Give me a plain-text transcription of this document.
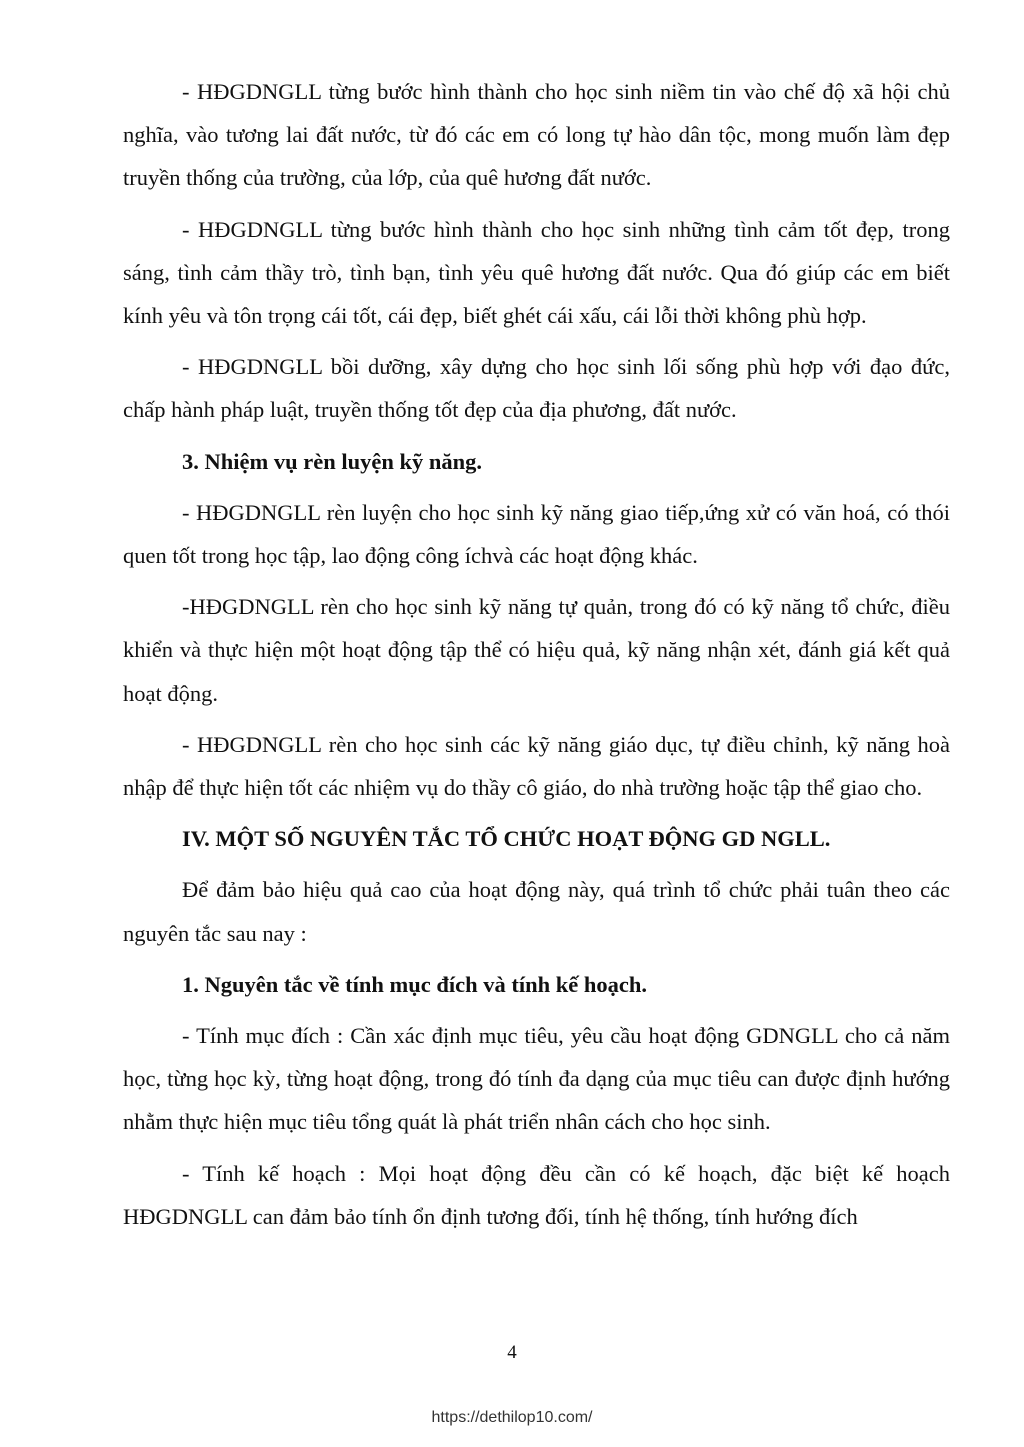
- HĐGDNGLL từng bước hình thành cho học sinh niềm tin vào chế độ xã hội chủ nghĩa, vào tương lai đất nước, từ đó các em có long tự hào dân tộc, mong muốn làm đẹp truyền thống của trường, của lớp, của quê hương đất nước.

- HĐGDNGLL từng bước hình thành cho học sinh những tình cảm tốt đẹp, trong sáng, tình cảm thầy trò, tình bạn, tình yêu quê hương đất nước. Qua đó giúp các em biết kính yêu và tôn trọng cái tốt, cái đẹp, biết ghét cái xấu, cái lỗi thời không phù hợp.

- HĐGDNGLL bồi dưỡng, xây dựng cho học sinh lối sống phù hợp với đạo đức, chấp hành pháp luật, truyền thống tốt đẹp của địa phương, đất nước.

3. Nhiệm vụ rèn luyện kỹ năng.

- HĐGDNGLL rèn luyện cho học sinh kỹ năng giao tiếp,ứng xử có văn hoá, có thói quen tốt trong học tập, lao động công íchvà các hoạt động khác.

-HĐGDNGLL rèn cho học sinh kỹ năng tự quản, trong đó có kỹ năng tổ chức, điều khiển và thực hiện một hoạt động tập thể có hiệu quả, kỹ năng nhận xét, đánh giá kết quả hoạt động.

- HĐGDNGLL rèn cho học sinh các kỹ năng giáo dục, tự điều chỉnh, kỹ năng hoà nhập để thực hiện tốt các nhiệm vụ do thầy cô giáo, do nhà trường hoặc tập thể giao cho.

IV. MỘT SỐ NGUYÊN TẮC TỔ CHỨC HOẠT ĐỘNG GD NGLL.

Để đảm bảo hiệu quả cao của hoạt động này, quá trình tổ chức phải tuân theo các nguyên tắc sau nay :

1. Nguyên tắc về tính mục đích và tính kế hoạch.

- Tính mục đích : Cần xác định mục tiêu, yêu cầu hoạt động GDNGLL cho cả năm học, từng học kỳ, từng hoạt động, trong đó tính đa dạng của mục tiêu can được định hướng nhằm thực hiện mục tiêu tổng quát là phát triển nhân cách cho học sinh.

- Tính kế hoạch : Mọi hoạt động đều cần có kế hoạch, đặc biệt kế hoạch HĐGDNGLL can đảm bảo tính ổn định tương đối, tính hệ thống, tính hướng đích

4
https://dethilop10.com/
